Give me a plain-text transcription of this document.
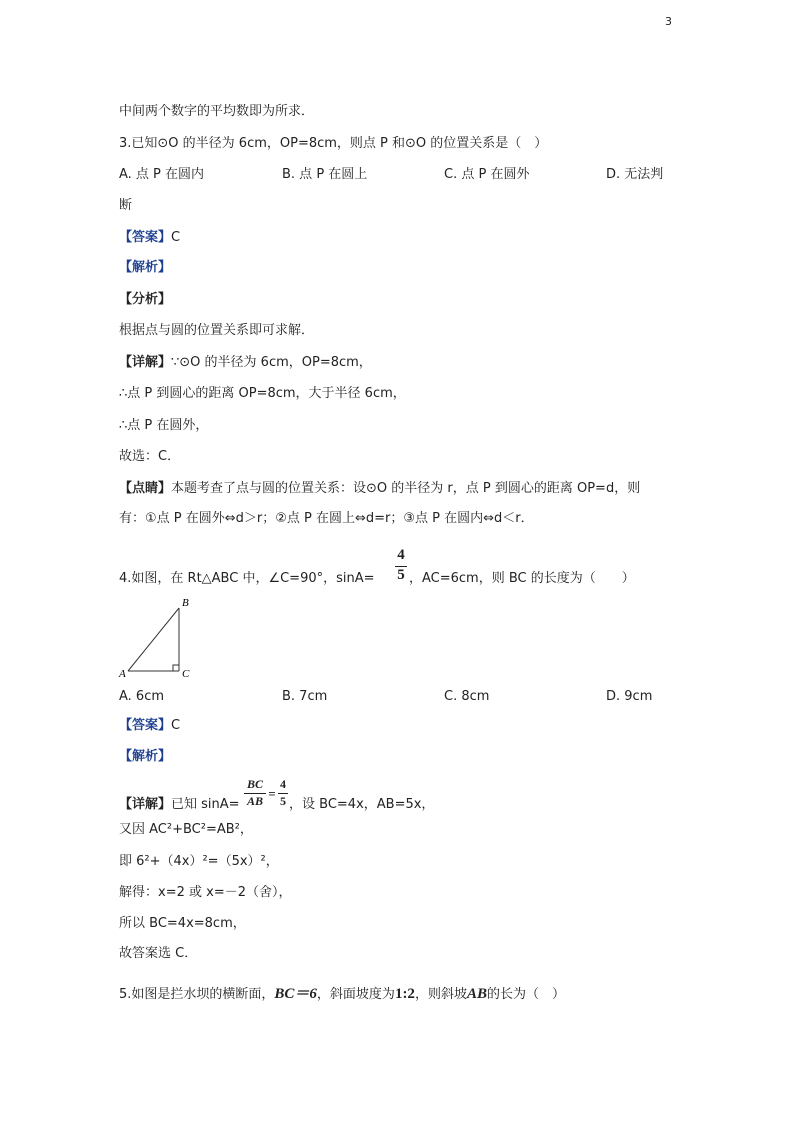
3
中间两个数字的平均数即为所求．
3.已知⊙O 的半径为 6cm，OP=8cm，则点 P 和⊙O 的位置关系是（　）
A. 点 P 在圆内	B. 点 P 在圆上	C. 点 P 在圆外	D. 无法判
断
【答案】C
【解析】
【分析】
根据点与圆的位置关系即可求解．
【详解】∵⊙O 的半径为 6cm，OP=8cm，
∴点 P 到圆心的距离 OP=8cm，大于半径 6cm，
∴点 P 在圆外，
故选：C．
【点睛】本题考查了点与圆的位置关系：设⊙O 的半径为 r，点 P 到圆心的距离 OP=d，则
有：①点 P 在圆外⇔d＞r；②点 P 在圆上⇔d=r；③点 P 在圆内⇔d＜r．
4.如图，在 Rt△ABC 中，∠C=90°，sinA=
4
5 ，AC=6cm，则 BC 的长度为（　　）
A
B
C
A. 6cm	B. 7cm	C. 8cm	D. 9cm
【答案】C
【解析】
【详解】已知 sinA=
BC
AB =
4
5 ，设 BC=4x，AB=5x，
又因 AC²+BC²=AB²，
即 6²+（4x）²=（5x）²，
解得：x=2 或 x=－2（舍），
所以 BC=4x=8cm，
故答案选 C．
5.如图是拦水坝的横断面，BC＝6，斜面坡度为1:2，则斜坡AB的长为（　）
